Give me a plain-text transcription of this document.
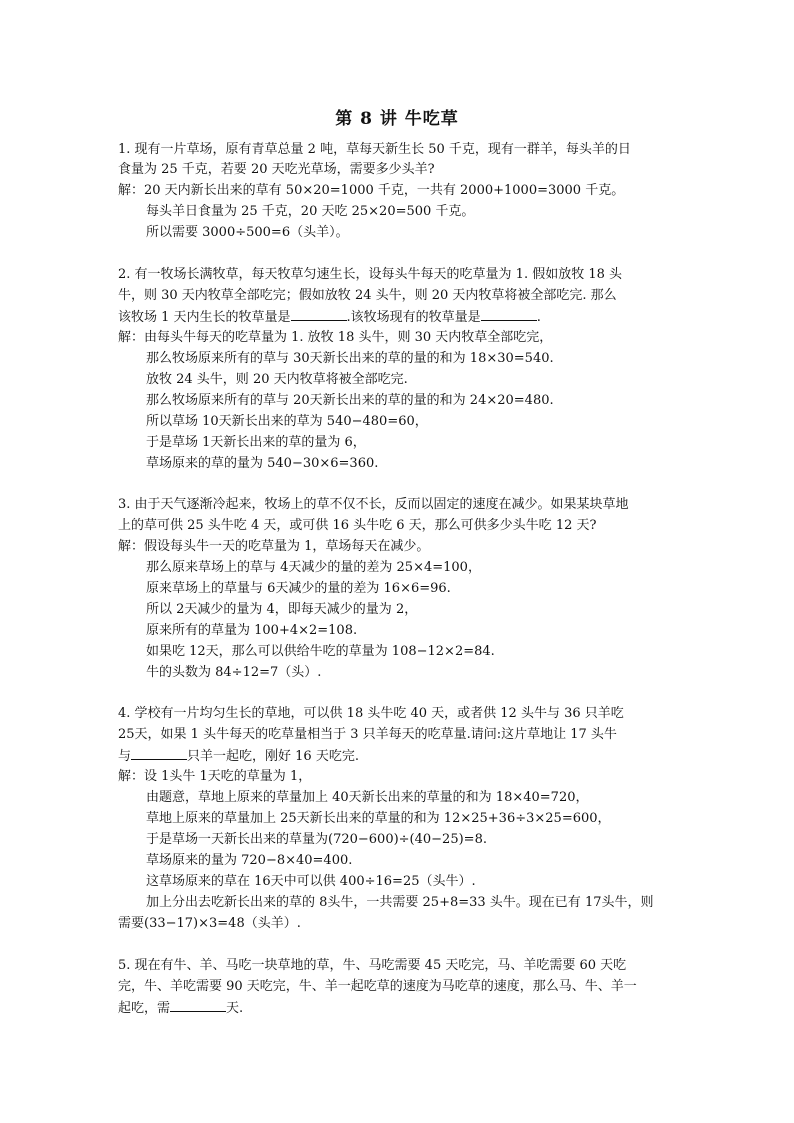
第 8 讲 牛吃草
1. 现有一片草场，原有青草总量 2 吨，草每天新生长 50 千克，现有一群羊，每头羊的日
食量为 25 千克，若要 20 天吃光草场，需要多少头羊?
解：20 天内新长出来的草有 50×20=1000 千克，一共有 2000+1000=3000 千克。
每头羊日食量为 25 千克，20 天吃 25×20=500 千克。
所以需要 3000÷500=6（头羊）。
2. 有一牧场长满牧草，每天牧草匀速生长，设每头牛每天的吃草量为 1. 假如放牧 18 头
牛，则 30 天内牧草全部吃完；假如放牧 24 头牛，则 20 天内牧草将被全部吃完. 那么
该牧场 1 天内生长的牧草量是	.该牧场现有的牧草量是	.
解：由每头牛每天的吃草量为 1. 放牧 18 头牛，则 30 天内牧草全部吃完，
那么牧场原来所有的草与 30天新长出来的草的量的和为 18×30=540.
放牧 24 头牛，则 20 天内牧草将被全部吃完.
那么牧场原来所有的草与 20天新长出来的草的量的和为 24×20=480.
所以草场 10天新长出来的草为 540−480=60，
于是草场 1天新长出来的草的量为 6，
草场原来的草的量为 540−30×6=360.
3. 由于天气逐渐冷起来，牧场上的草不仅不长，反而以固定的速度在减少。如果某块草地
上的草可供 25 头牛吃 4 天，或可供 16 头牛吃 6 天，那么可供多少头牛吃 12 天?
解：假设每头牛一天的吃草量为 1，草场每天在减少。
那么原来草场上的草与 4天减少的量的差为 25×4=100，
原来草场上的草量与 6天减少的量的差为 16×6=96.
所以 2天减少的量为 4，即每天减少的量为 2，
原来所有的草量为 100+4×2=108.
如果吃 12天，那么可以供给牛吃的草量为 108−12×2=84.
牛的头数为 84÷12=7（头）.
4. 学校有一片均匀生长的草地，可以供 18 头牛吃 40 天，或者供 12 头牛与 36 只羊吃
25天，如果 1 头牛每天的吃草量相当于 3 只羊每天的吃草量.请问:这片草地让 17 头牛
与	只羊一起吃，刚好 16 天吃完.
解：设 1头牛 1天吃的草量为 1，
由题意，草地上原来的草量加上 40天新长出来的草量的和为 18×40=720，
草地上原来的草量加上 25天新长出来的草量的和为 12×25+36÷3×25=600，
于是草场一天新长出来的草量为(720−600)÷(40−25)=8.
草场原来的量为 720−8×40=400.
这草场原来的草在 16天中可以供 400÷16=25（头牛）.
加上分出去吃新长出来的草的 8头牛，一共需要 25+8=33 头牛。现在已有 17头牛，则
需要(33−17)×3=48（头羊）.
5. 现在有牛、羊、马吃一块草地的草，牛、马吃需要 45 天吃完，马、羊吃需要 60 天吃
完，牛、羊吃需要 90 天吃完，牛、羊一起吃草的速度为马吃草的速度，那么马、牛、羊一
起吃，需	天.
